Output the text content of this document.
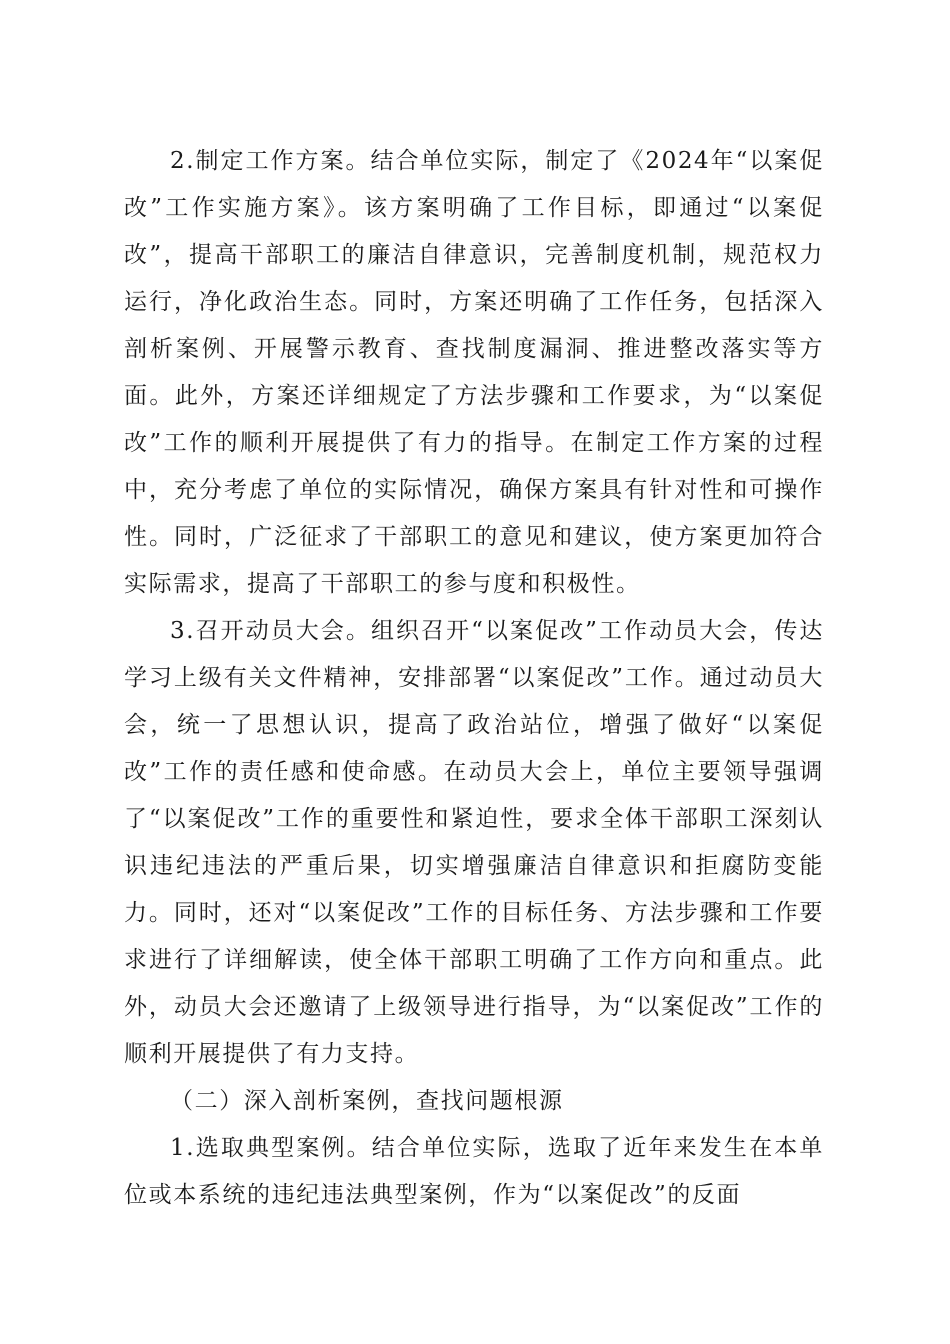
2.制定工作方案。结合单位实际，制定了《2024年“以案促改”工作实施方案》。该方案明确了工作目标，即通过“以案促改”，提高干部职工的廉洁自律意识，完善制度机制，规范权力运行，净化政治生态。同时，方案还明确了工作任务，包括深入剖析案例、开展警示教育、查找制度漏洞、推进整改落实等方面。此外，方案还详细规定了方法步骤和工作要求，为“以案促改”工作的顺利开展提供了有力的指导。在制定工作方案的过程中，充分考虑了单位的实际情况，确保方案具有针对性和可操作性。同时，广泛征求了干部职工的意见和建议，使方案更加符合实际需求，提高了干部职工的参与度和积极性。

3.召开动员大会。组织召开“以案促改”工作动员大会，传达学习上级有关文件精神，安排部署“以案促改”工作。通过动员大会，统一了思想认识，提高了政治站位，增强了做好“以案促改”工作的责任感和使命感。在动员大会上，单位主要领导强调了“以案促改”工作的重要性和紧迫性，要求全体干部职工深刻认识违纪违法的严重后果，切实增强廉洁自律意识和拒腐防变能力。同时，还对“以案促改”工作的目标任务、方法步骤和工作要求进行了详细解读，使全体干部职工明确了工作方向和重点。此外，动员大会还邀请了上级领导进行指导，为“以案促改”工作的顺利开展提供了有力支持。

（二）深入剖析案例，查找问题根源

1.选取典型案例。结合单位实际，选取了近年来发生在本单位或本系统的违纪违法典型案例，作为“以案促改”的反面
